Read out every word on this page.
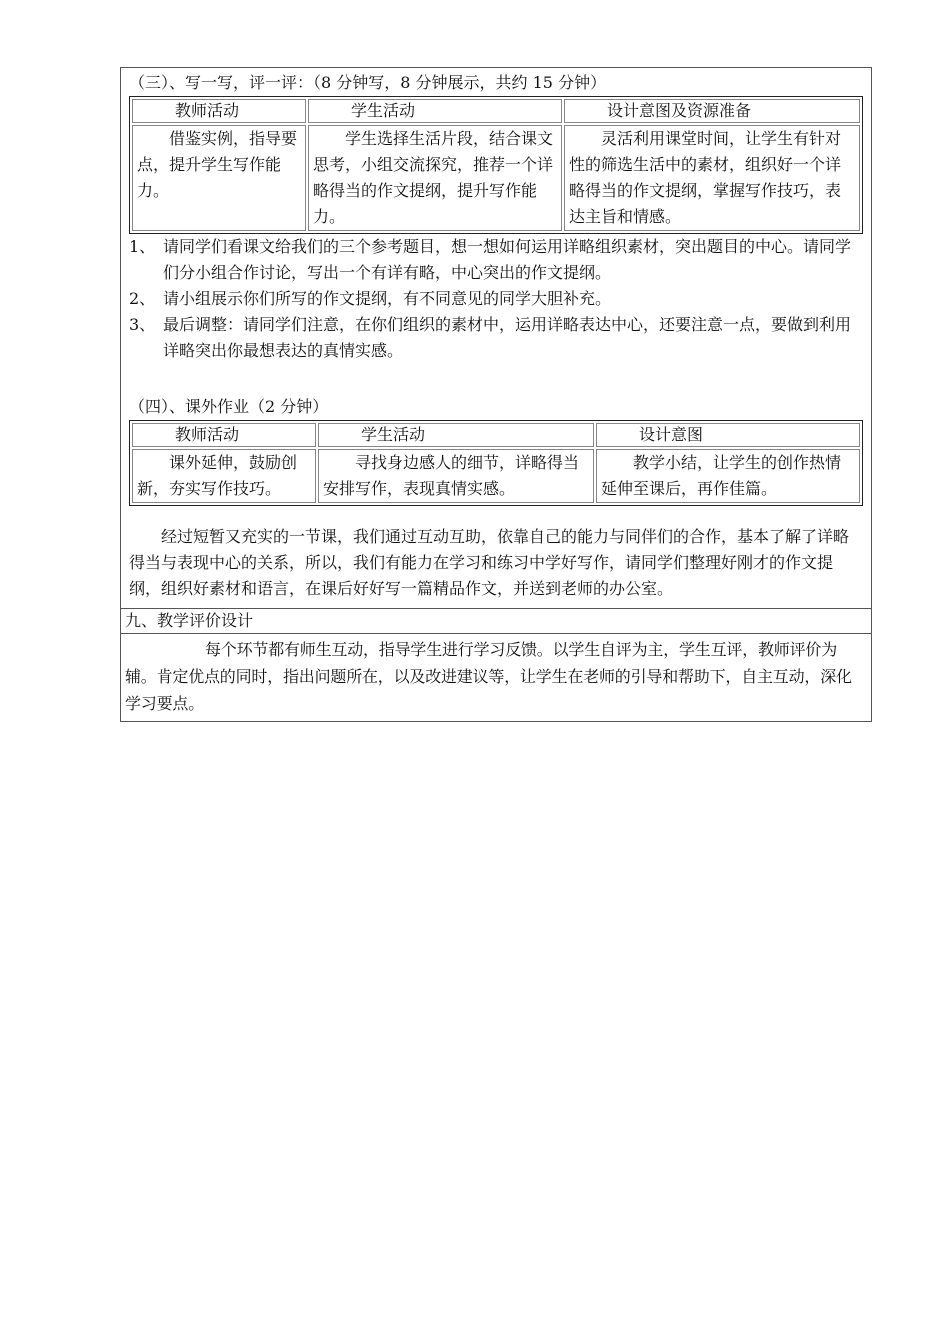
（三）、写一写，评一评：（8 分钟写，8 分钟展示，共约 15 分钟）
教师活动	学生活动	设计意图及资源准备
借鉴实例，指导要点，提升学生写作能力。	学生选择生活片段，结合课文思考，小组交流探究，推荐一个详略得当的作文提纲，提升写作能力。	灵活利用课堂时间，让学生有针对性的筛选生活中的素材，组织好一个详略得当的作文提纲，掌握写作技巧，表达主旨和情感。
1、 请同学们看课文给我们的三个参考题目，想一想如何运用详略组织素材，突出题目的中心。请同学们分小组合作讨论，写出一个有详有略，中心突出的作文提纲。
2、 请小组展示你们所写的作文提纲，有不同意见的同学大胆补充。
3、 最后调整：请同学们注意，在你们组织的素材中，运用详略表达中心，还要注意一点，要做到利用详略突出你最想表达的真情实感。
（四）、课外作业（2 分钟）
教师活动	学生活动	设计意图
课外延伸，鼓励创新，夯实写作技巧。	寻找身边感人的细节，详略得当安排写作，表现真情实感。	教学小结，让学生的创作热情延伸至课后，再作佳篇。
经过短暂又充实的一节课，我们通过互动互助，依靠自己的能力与同伴们的合作，基本了解了详略得当与表现中心的关系，所以，我们有能力在学习和练习中学好写作，请同学们整理好刚才的作文提纲，组织好素材和语言，在课后好好写一篇精品作文，并送到老师的办公室。
九、教学评价设计
每个环节都有师生互动，指导学生进行学习反馈。以学生自评为主，学生互评，教师评价为辅。肯定优点的同时，指出问题所在，以及改进建议等，让学生在老师的引导和帮助下，自主互动，深化学习要点。
